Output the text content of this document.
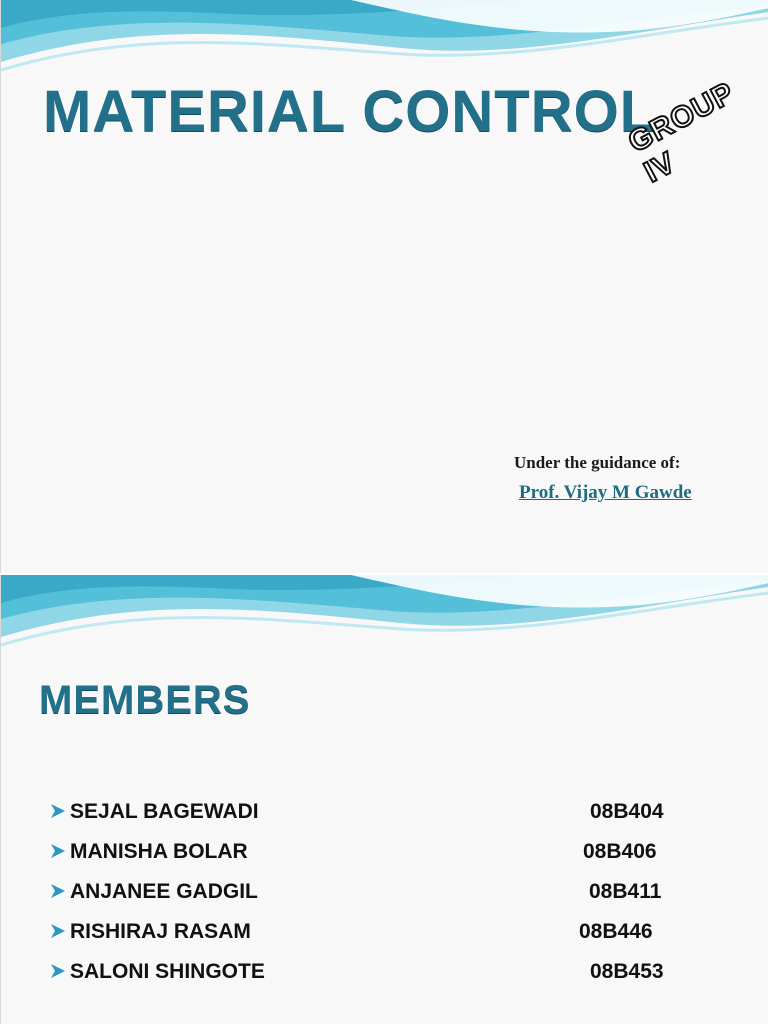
MATERIAL CONTROL
GROUP IV
Under the guidance of:
Prof. Vijay M Gawde
MEMBERS
SEJAL BAGEWADI	08B404
MANISHA BOLAR	08B406
ANJANEE GADGIL	08B411
RISHIRAJ RASAM	08B446
SALONI SHINGOTE	08B453
